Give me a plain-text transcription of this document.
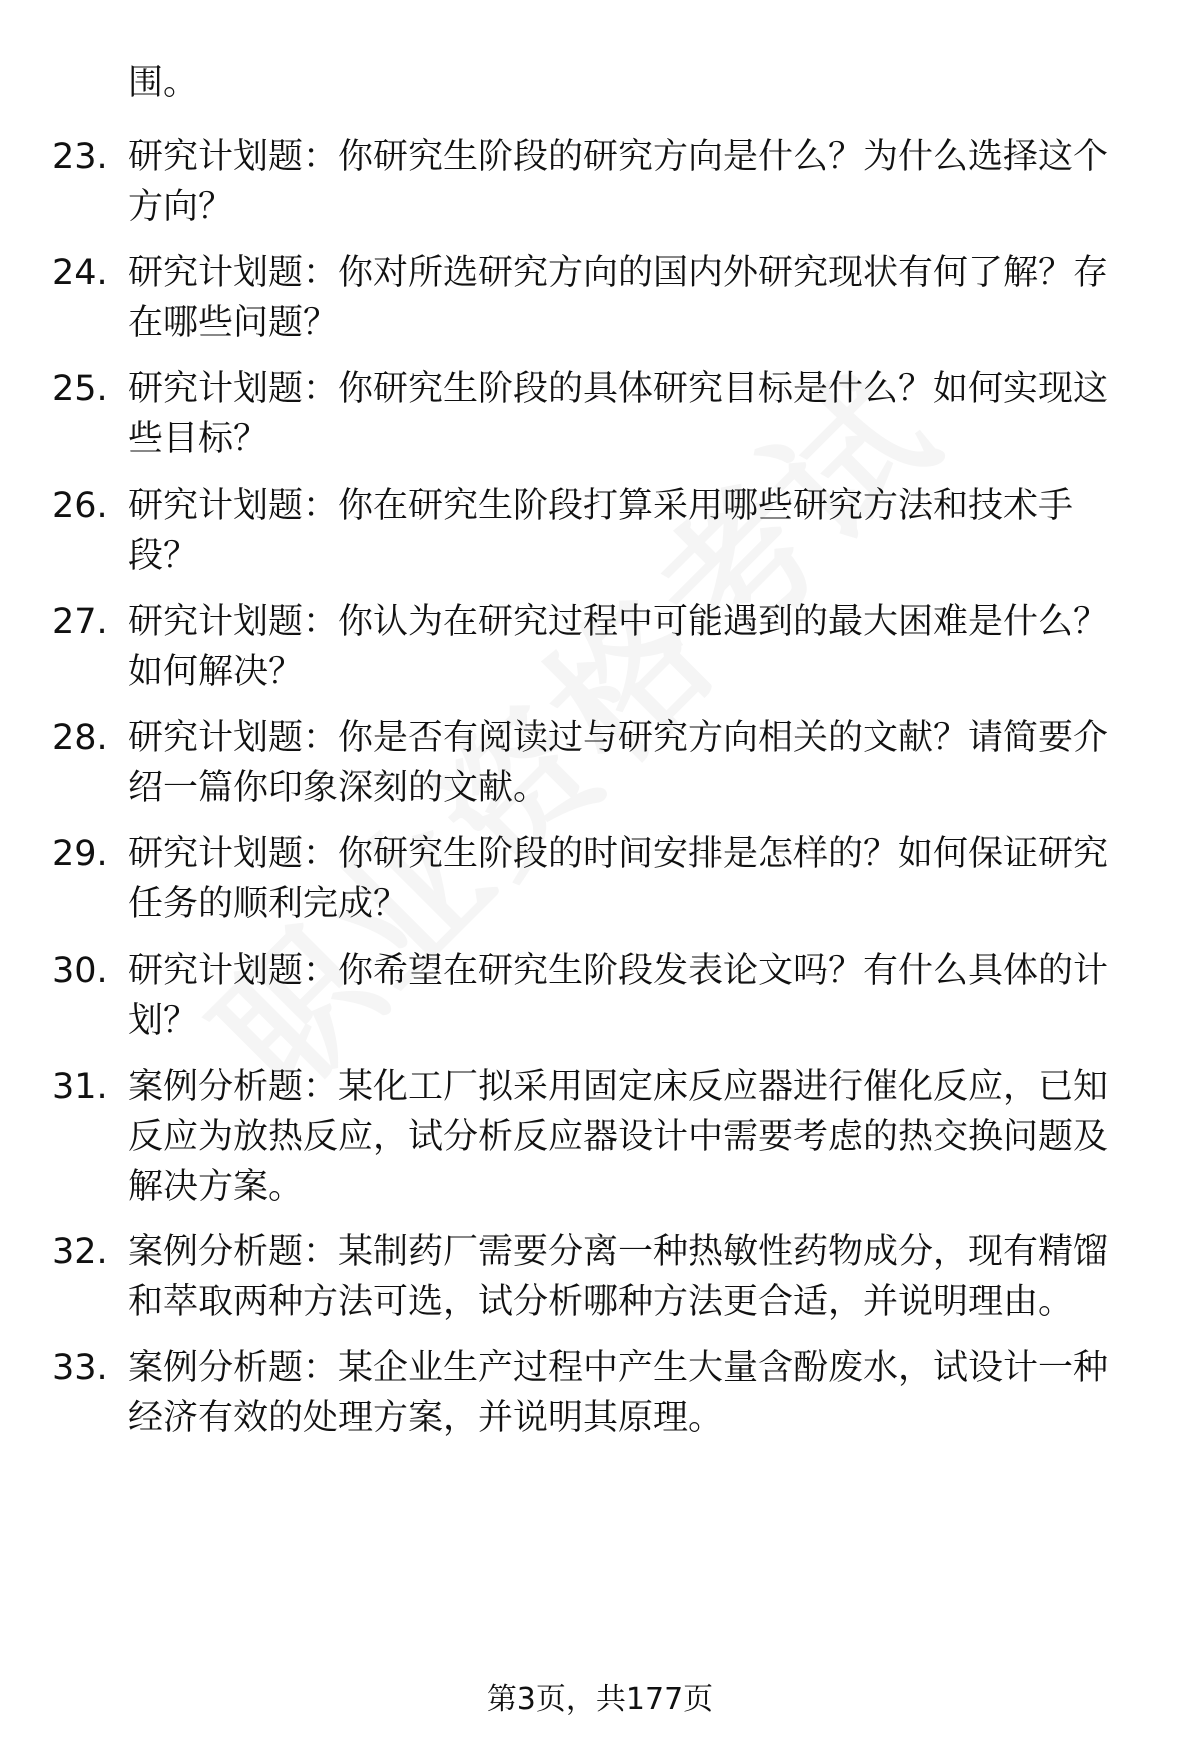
围。
23. 研究计划题：你研究生阶段的研究方向是什么？为什么选择这个方向？
24. 研究计划题：你对所选研究方向的国内外研究现状有何了解？存在哪些问题？
25. 研究计划题：你研究生阶段的具体研究目标是什么？如何实现这些目标？
26. 研究计划题：你在研究生阶段打算采用哪些研究方法和技术手段？
27. 研究计划题：你认为在研究过程中可能遇到的最大困难是什么？如何解决？
28. 研究计划题：你是否有阅读过与研究方向相关的文献？请简要介绍一篇你印象深刻的文献。
29. 研究计划题：你研究生阶段的时间安排是怎样的？如何保证研究任务的顺利完成？
30. 研究计划题：你希望在研究生阶段发表论文吗？有什么具体的计划？
31. 案例分析题：某化工厂拟采用固定床反应器进行催化反应，已知反应为放热反应，试分析反应器设计中需要考虑的热交换问题及解决方案。
32. 案例分析题：某制药厂需要分离一种热敏性药物成分，现有精馏和萃取两种方法可选，试分析哪种方法更合适，并说明理由。
33. 案例分析题：某企业生产过程中产生大量含酚废水，试设计一种经济有效的处理方案，并说明其原理。
第3页，共177页
